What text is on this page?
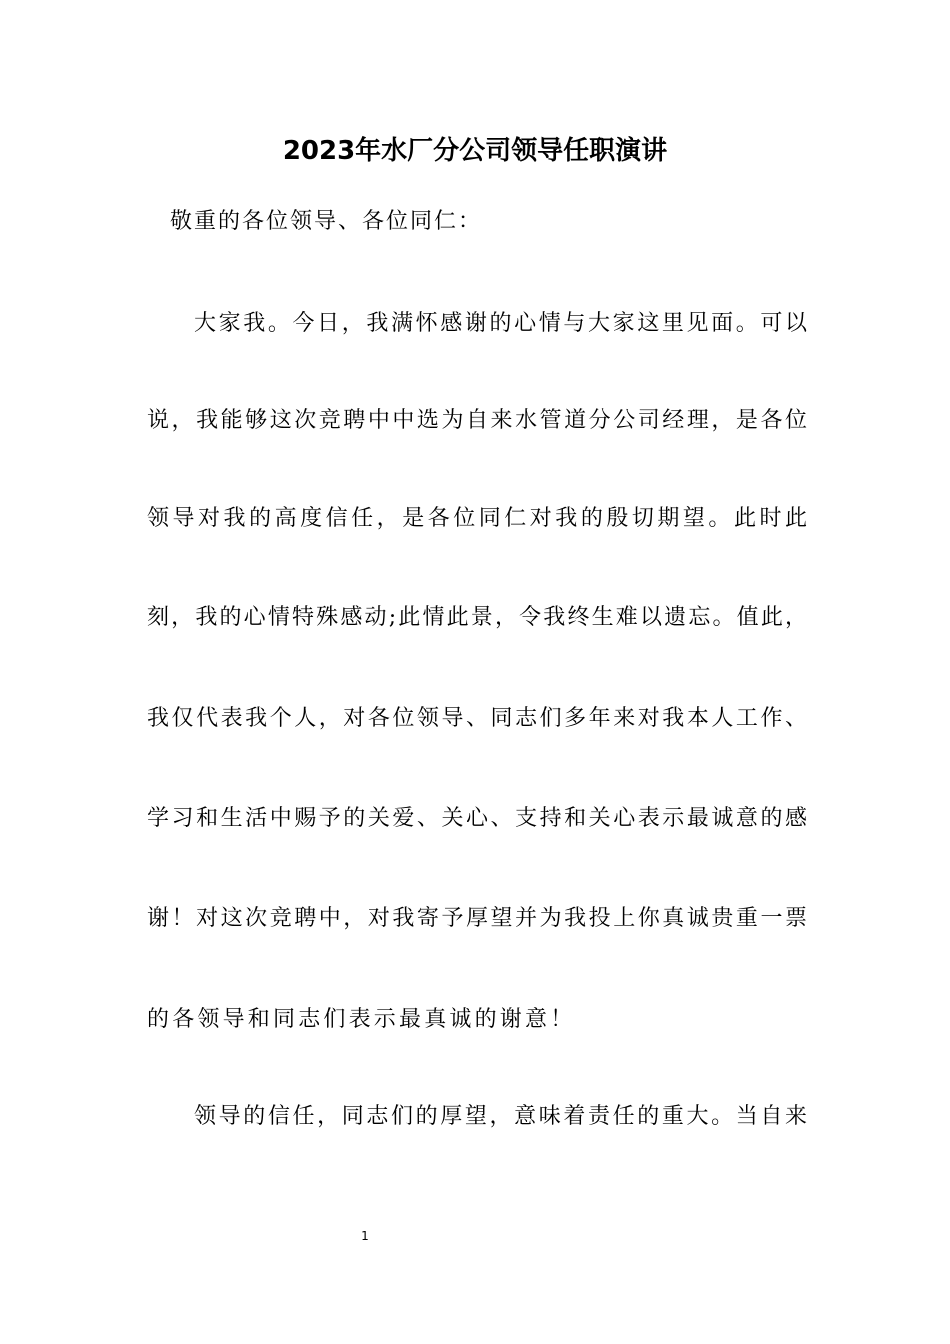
2023年水厂分公司领导任职演讲
敬重的各位领导、各位同仁：
大家我。今日，我满怀感谢的心情与大家这里见面。可以
说，我能够这次竞聘中中选为自来水管道分公司经理，是各位
领导对我的高度信任，是各位同仁对我的殷切期望。此时此
刻，我的心情特殊感动;此情此景，令我终生难以遗忘。值此，
我仅代表我个人，对各位领导、同志们多年来对我本人工作、
学习和生活中赐予的关爱、关心、支持和关心表示最诚意的感
谢！对这次竞聘中，对我寄予厚望并为我投上你真诚贵重一票
的各领导和同志们表示最真诚的谢意！
领导的信任，同志们的厚望，意味着责任的重大。当自来
1
